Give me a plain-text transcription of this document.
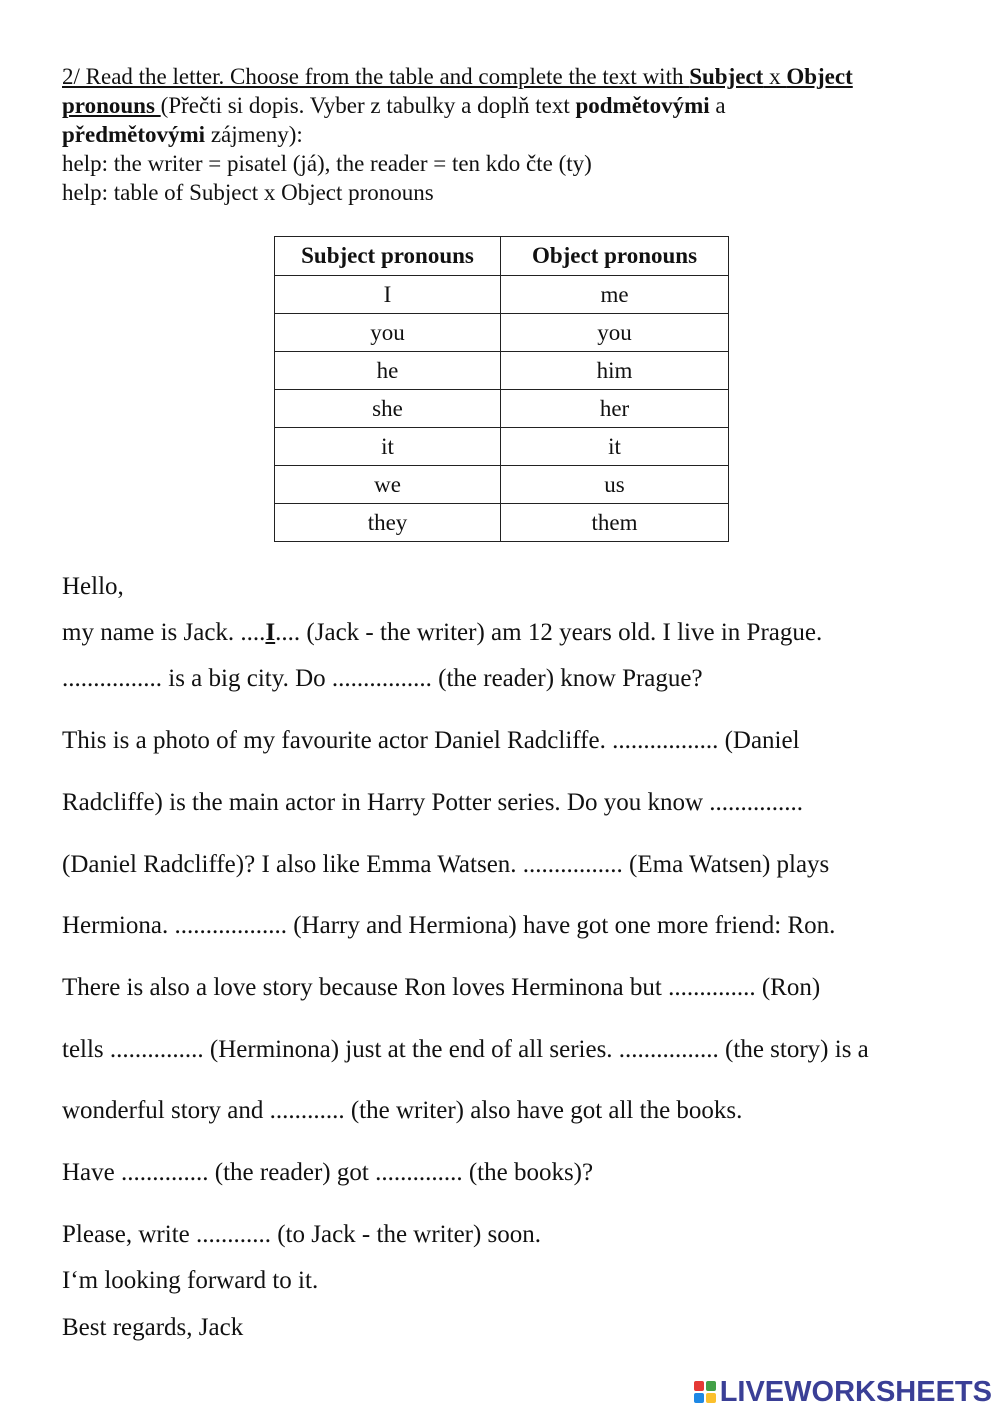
2/ Read the letter. Choose from the table and complete the text with Subject x Object
pronouns (Přečti si dopis. Vyber z tabulky a doplň text podmětovými a
předmětovými zájmeny):
help: the writer = pisatel (já), the reader = ten kdo čte (ty)
help: table of Subject x Object pronouns
Subject pronouns	Object pronouns
I	me
you	you
he	him
she	her
it	it
we	us
they	them
Hello,
my name is Jack. ....I.... (Jack - the writer) am 12 years old. I live in Prague.
................ is a big city. Do ................ (the reader) know Prague?
This is a photo of my favourite actor Daniel Radcliffe. ................. (Daniel
Radcliffe) is the main actor in Harry Potter series. Do you know ...............
(Daniel Radcliffe)? I also like Emma Watsen. ................ (Ema Watsen) plays
Hermiona. .................. (Harry and Hermiona) have got one more friend: Ron.
There is also a love story because Ron loves Herminona but .............. (Ron)
tells ............... (Herminona) just at the end of all series. ................ (the story) is a
wonderful story and ............ (the writer) also have got all the books.
Have .............. (the reader) got .............. (the books)?
Please, write ............ (to Jack - the writer) soon.
I‘m looking forward to it.
Best regards, Jack
LIVEWORKSHEETS
